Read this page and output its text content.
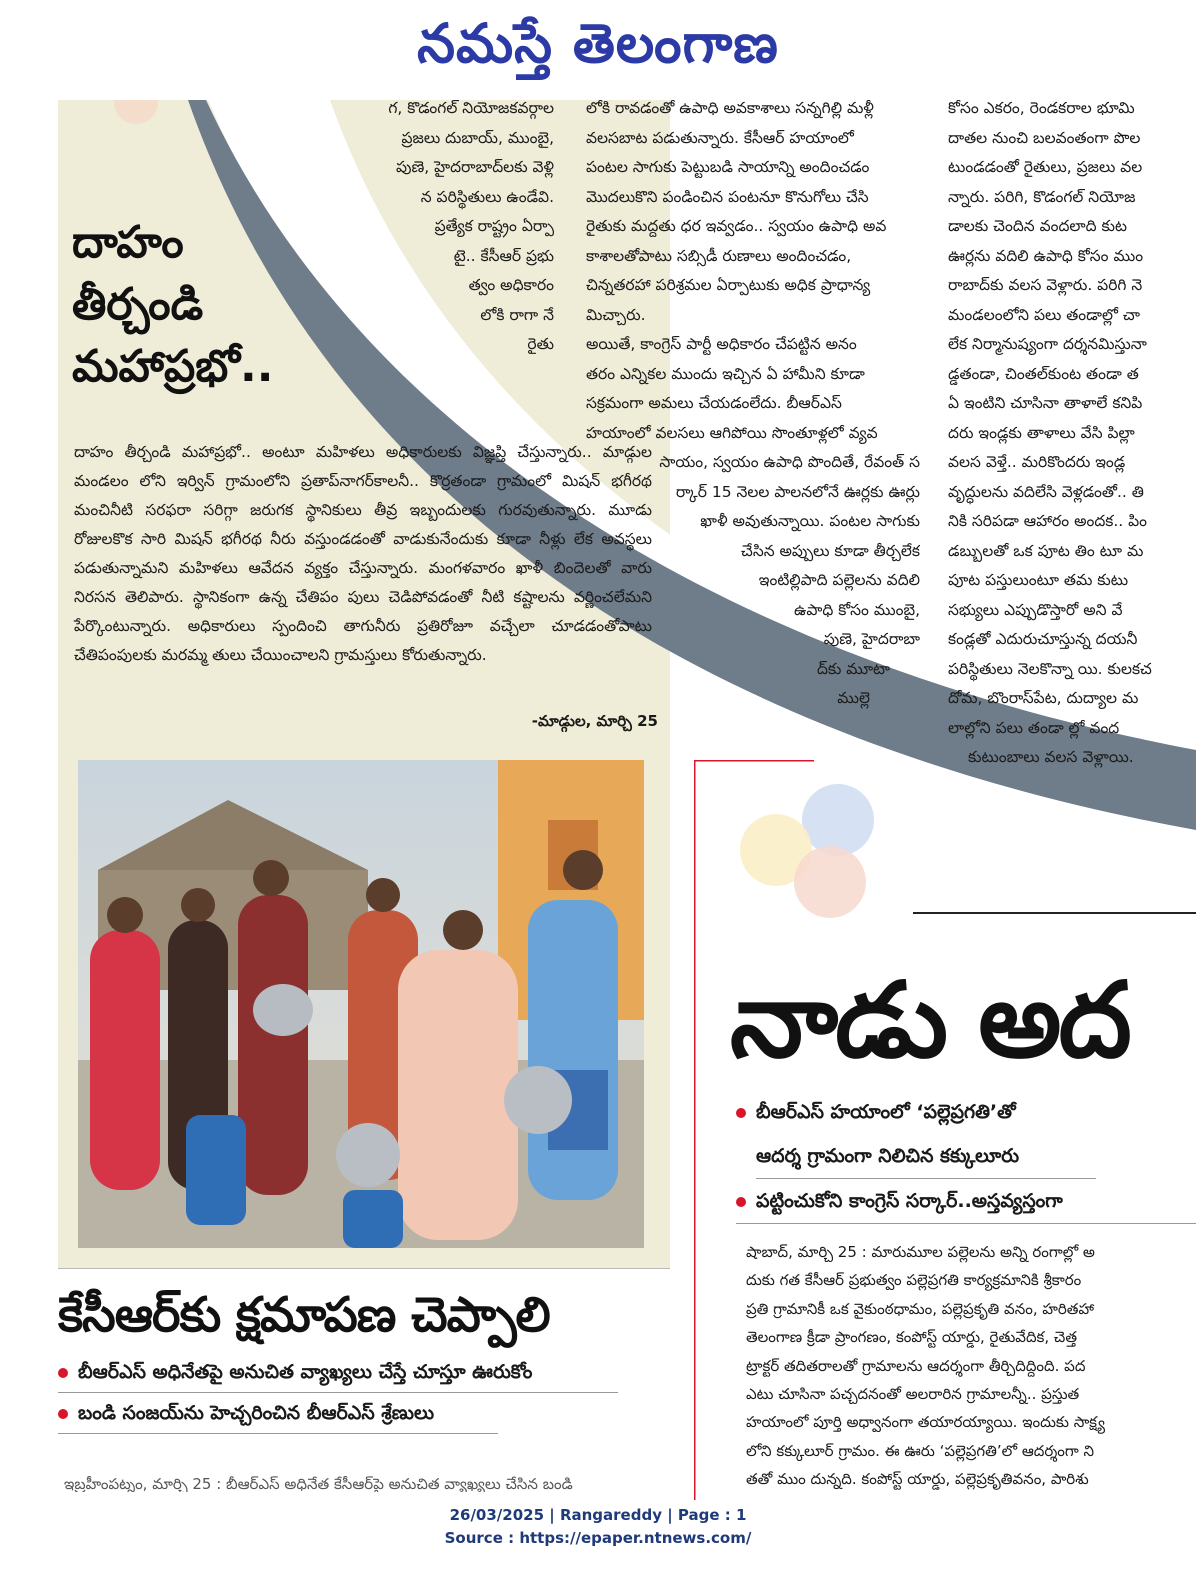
నమస్తే తెలంగాణ
దాహం
తీర్చండి
మహాప్రభో..
దాహం తీర్చండి మహాప్రభో.. అంటూ మహిళలు అధికారులకు విజ్ఞప్తి చేస్తున్నారు.. మాడ్గుల మండలం లోని ఇర్విన్ గ్రామంలోని ప్రతాప్‌నాగర్‌కాలనీ.. కొర్రతండా గ్రామంలో మిషన్ భగీరథ మంచినీటి సరఫరా సరిగ్గా జరుగక స్థానికులు తీవ్ర ఇబ్బందులకు గురవుతున్నారు. మూడు రోజులకొక సారి మిషన్ భగీరథ నీరు వస్తుండడంతో వాడుకునేందుకు కూడా నీళ్లు లేక అవస్థలు పడుతున్నామని మహిళలు ఆవేదన వ్యక్తం చేస్తున్నారు. మంగళవారం ఖాళీ బిందెలతో వారు నిరసన తెలిపారు. స్థానికంగా ఉన్న చేతిపం పులు చెడిపోవడంతో నీటి కష్టాలను వర్ణించలేమని పేర్కొంటున్నారు. అధికారులు స్పందించి తాగునీరు ప్రతిరోజూ వచ్చేలా చూడడంతోపాటు చేతిపంపులకు మరమ్మ తులు చేయించాలని గ్రామస్తులు కోరుతున్నారు.
-మాడ్గుల, మార్చి 25

గ, కొడంగల్ నియోజకవర్గాల

ప్రజలు దుబాయ్, ముంబై,

పుణె, హైదరాబాద్‌లకు వెళ్లి

న పరిస్థితులు ఉండేవి.

ప్రత్యేక రాష్ట్రం ఏర్పా

టై.. కేసీఆర్ ప్రభు

త్వం అధికారం

లోకి రాగా నే

రైతు

లోకి రావడంతో ఉపాధి అవకాశాలు సన్నగిల్లి మళ్లీ

వలసబాట పడుతున్నారు. కేసీఆర్ హయాంలో

పంటల సాగుకు పెట్టుబడి సాయాన్ని అందించడం

మొదలుకొని పండించిన పంటనూ కొనుగోలు చేసి

రైతుకు మద్దతు ధర ఇవ్వడం.. స్వయం ఉపాధి అవ

కాశాలతోపాటు సబ్సిడీ రుణాలు అందించడం,

చిన్నతరహా పరిశ్రమల ఏర్పాటుకు అధిక ప్రాధాన్య

మిచ్చారు.

అయితే, కాంగ్రెస్ పార్టీ అధికారం చేపట్టిన అనం

తరం ఎన్నికల ముందు ఇచ్చిన ఏ హామీని కూడా

సక్రమంగా అమలు చేయడంలేదు. బీఆర్‌ఎస్

హయాంలో వలసలు ఆగిపోయి సొంతూళ్లలో వ్యవ

సాయం, స్వయం ఉపాధి పొందితే, రేవంత్ స

ర్కార్ 15 నెలల పాలనలోనే ఊర్లకు ఊర్లు

ఖాళీ అవుతున్నాయి. పంటల సాగుకు

చేసిన అప్పులు కూడా తీర్చలేక

ఇంటిల్లిపాది పల్లెలను వదిలి

ఉపాధి కోసం ముంబై,

పుణె, హైదరాబా

ద్‌కు మూటా

ముల్లె

కోసం ఎకరం, రెండకరాల భూమి

దాతల నుంచి బలవంతంగా పొల

టుండడంతో రైతులు, ప్రజలు వల

న్నారు. పరిగి, కొడంగల్ నియోజ

డాలకు చెందిన వందలాది కుట

ఊర్లను వదిలి ఉపాధి కోసం ముం

రాబాద్‌కు వలస వెళ్లారు. పరిగి నె

మండలంలోని పలు తండాల్లో చా

లేక నిర్మానుష్యంగా దర్శనమిస్తునా

డ్డతండా, చింతల్‌కుంట తండా త

ఏ ఇంటిని చూసినా తాళాలే కనిపి

దరు ఇండ్లకు తాళాలు వేసి పిల్లా

వలస వెళ్తే.. మరికొందరు ఇండ్ల

వృద్ధులను వదిలేసి వెళ్లడంతో.. తి

నికి సరిపడా ఆహారం అందక.. పిం

డబ్బులతో ఒక పూట తిం టూ మ

పూట పస్తులుంటూ తమ కుటు

సభ్యులు ఎప్పుడొస్తారో అని వే

కండ్లతో ఎదురుచూస్తున్న దయనీ

పరిస్థితులు నెలకొన్నా యి. కులకచ

దోమ, బొంరాస్‌పేట, దుద్యాల మ

లాల్లోని పలు తండా ల్లో వంద

కుటుంబాలు వలస వెళ్లాయి.

నాడు అద
బీఆర్‌ఎస్ హయాంలో ‘పల్లెప్రగతి’తో
ఆదర్శ గ్రామంగా నిలిచిన కక్కులూరు
పట్టించుకోని కాంగ్రెస్ సర్కార్..అస్తవ్యస్తంగా

షాబాద్, మార్చి 25 : మారుమూల పల్లెలను అన్ని రంగాల్లో అ

దుకు గత కేసీఆర్ ప్రభుత్వం పల్లెప్రగతి కార్యక్రమానికి శ్రీకారం

ప్రతి గ్రామానికీ ఒక వైకుంఠధామం, పల్లెప్రకృతి వనం, హరితహా

తెలంగాణ క్రీడా ప్రాంగణం, కంపోస్ట్ యార్డు, రైతువేదిక, చెత్త

ట్రాక్టర్ తదితరాలతో గ్రామాలను ఆదర్శంగా తీర్చిదిద్దింది. పద

ఎటు చూసినా పచ్చదనంతో అలరారిన గ్రామాలన్నీ.. ప్రస్తుత

హయాంలో పూర్తి అధ్వానంగా తయారయ్యాయి. ఇందుకు సాక్ష్య

లోని కక్కులూర్ గ్రామం. ఈ ఊరు ‘పల్లెప్రగతి’లో ఆదర్శంగా ని

తతో ముం దున్నది. కంపోస్ట్ యార్డు, పల్లెప్రకృతివనం, పారిశు

కేసీఆర్‌కు క్షమాపణ చెప్పాలి
బీఆర్‌ఎస్ అధినేతపై అనుచిత వ్యాఖ్యలు చేస్తే చూస్తూ ఊరుకోం
బండి సంజయ్‌ను హెచ్చరించిన బీఆర్‌ఎస్ శ్రేణులు
ఇబ్రహీంపట్నం, మార్చి 25 : బీఆర్‌ఎస్ అధినేత కేసీఆర్‌పై అనుచిత వ్యాఖ్యలు చేసిన బండి
26/03/2025 | Rangareddy | Page : 1
Source : https://epaper.ntnews.com/
